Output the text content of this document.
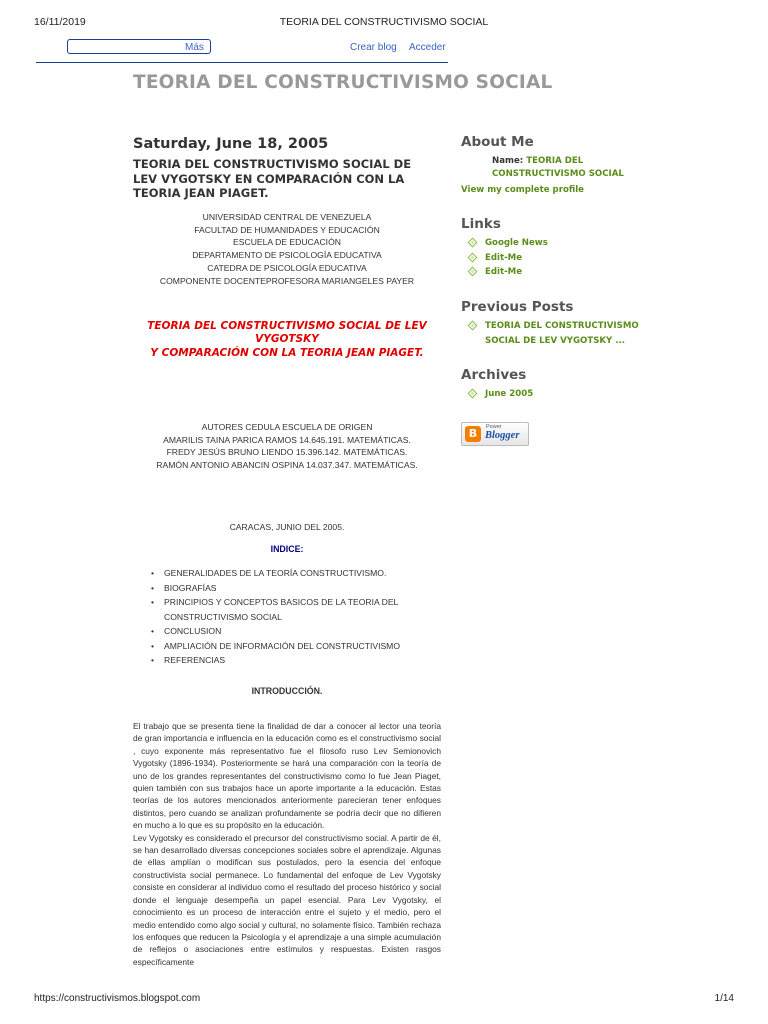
16/11/2019	TEORIA DEL CONSTRUCTIVISMO SOCIAL
Más	Crear blog Acceder
TEORIA DEL CONSTRUCTIVISMO SOCIAL
Saturday, June 18, 2005
TEORIA DEL CONSTRUCTIVISMO SOCIAL DE LEV VYGOTSKY EN COMPARACIÓN CON LA TEORIA JEAN PIAGET.
UNIVERSIDAD CENTRAL DE VENEZUELA
FACULTAD DE HUMANIDADES Y EDUCACIÓN
ESCUELA DE EDUCACIÓN
DEPARTAMENTO DE PSICOLOGÍA EDUCATIVA
CATEDRA DE PSICOLOGÍA EDUCATIVA
COMPONENTE DOCENTEPROFESORA MARIANGELES PAYER
TEORIA DEL CONSTRUCTIVISMO SOCIAL DE LEV VYGOTSKY
Y COMPARACIÓN CON LA TEORIA JEAN PIAGET.
AUTORES CEDULA ESCUELA DE ORIGEN
AMARILIS TAINA PARICA RAMOS 14.645.191. MATEMÁTICAS.
FREDY JESÚS BRUNO LIENDO 15.396.142. MATEMÁTICAS.
RAMÓN ANTONIO ABANCIN OSPINA 14.037.347. MATEMÁTICAS.
CARACAS, JUNIO DEL 2005.
INDICE:
• GENERALIDADES DE LA TEORÍA CONSTRUCTIVISMO.
• BIOGRAFÍAS
• PRINCIPIOS Y CONCEPTOS BASICOS DE LA TEORIA DEL CONSTRUCTIVISMO SOCIAL
• CONCLUSION
• AMPLIACIÓN DE INFORMACIÓN DEL CONSTRUCTIVISMO
• REFERENCIAS
INTRODUCCIÓN.

El trabajo que se presenta tiene la finalidad de dar a conocer al lector una teoría de gran importancia e influencia en la educación como es el constructivismo social , cuyo exponente más representativo fue el filosofo ruso Lev Semionovich Vygotsky (1896-1934). Posteriormente se hará una comparación con la teoría de uno de los grandes representantes del constructivismo como lo fue Jean Piaget, quien también con sus trabajos hace un aporte importante a la educación. Estas teorías de los autores mencionados anteriormente parecieran tener enfoques distintos, pero cuando se analizan profundamente se podría decir que no difieren en mucho a lo que es su propósito en la educación.

Lev Vygotsky es considerado el precursor del constructivismo social. A partir de él, se han desarrollado diversas concepciones sociales sobre el aprendizaje. Algunas de ellas amplían o modifican sus postulados, pero la esencia del enfoque constructivista social permanece. Lo fundamental del enfoque de Lev Vygotsky consiste en considerar al individuo como el resultado del proceso histórico y social donde el lenguaje desempeña un papel esencial. Para Lev Vygotsky, el conocimiento es un proceso de interacción entre el sujeto y el medio, pero el medio entendido como algo social y cultural, no solamente físico. También rechaza los enfoques que reducen la Psicología y el aprendizaje a una simple acumulación de reflejos o asociaciones entre estímulos y respuestas. Existen rasgos específicamente

About Me
Name: TEORIA DEL CONSTRUCTIVISMO SOCIAL
View my complete profile
Links
Google News
Edit-Me
Edit-Me
Previous Posts
TEORIA DEL CONSTRUCTIVISMO SOCIAL DE LEV VYGOTSKY ...
Archives
June 2005
B	Power
Blogger
https://constructivismos.blogspot.com	1/14
